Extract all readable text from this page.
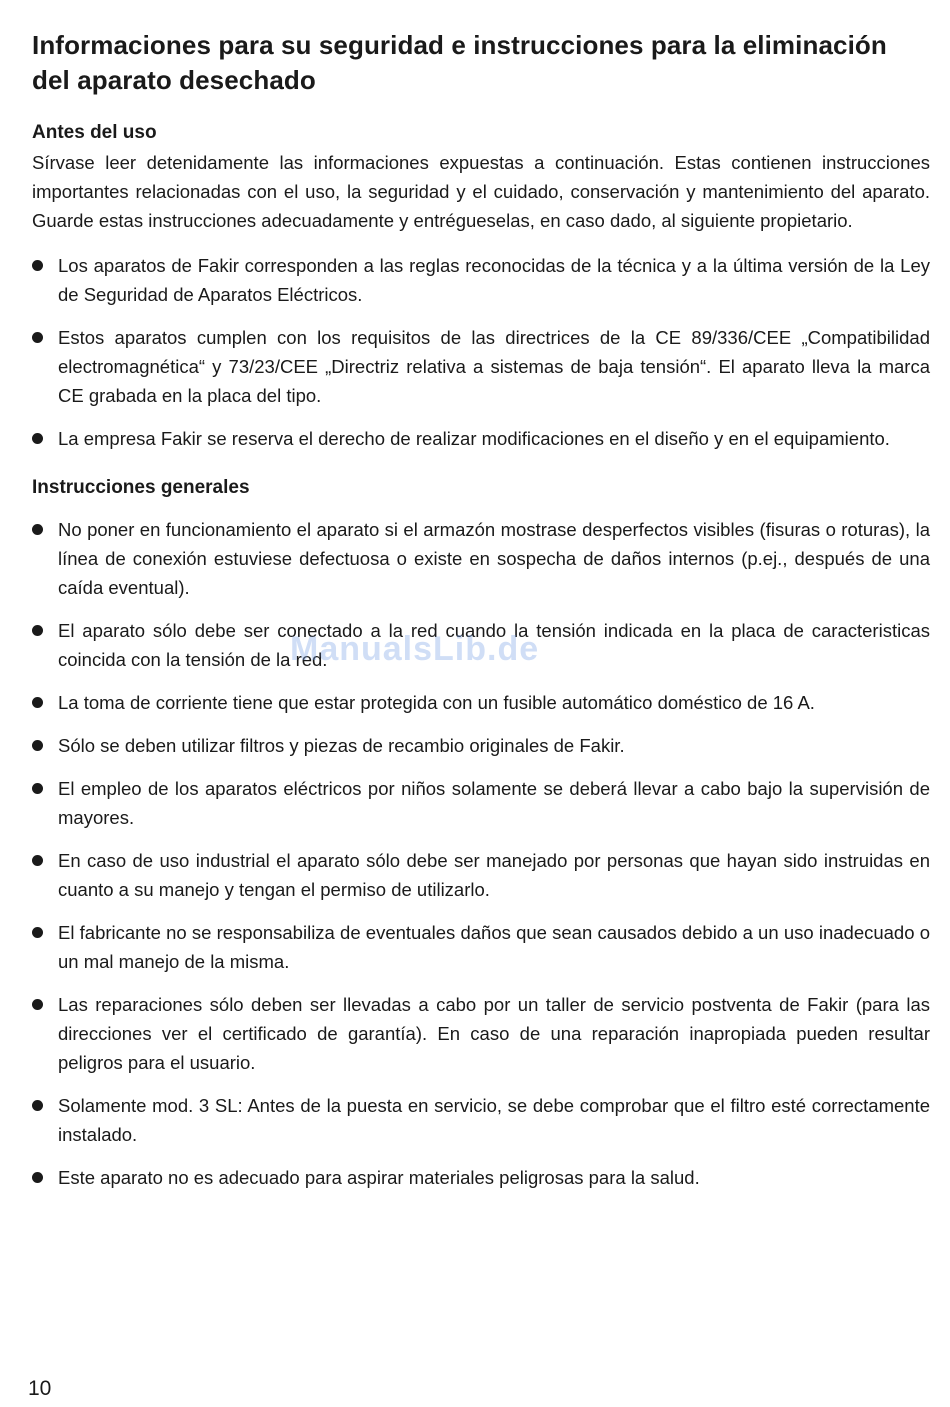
Informaciones para su seguridad e instrucciones para la eliminación del aparato desechado
Antes del uso

Sírvase leer detenidamente las informaciones expuestas a continuación. Estas contienen instrucciones importantes relacionadas con el uso, la seguridad y el cuidado, conservación y mantenimiento del aparato. Guarde estas instrucciones adecuadamente y entrégueselas, en caso dado, al siguiente propietario.

Los aparatos de Fakir corresponden a las reglas reconocidas de la técnica y a la última versión de la Ley de Seguridad de Aparatos Eléctricos.
Estos aparatos cumplen con los requisitos de las directrices de la CE 89/336/CEE „Compatibilidad electromagnética“ y 73/23/CEE „Directriz relativa a sistemas de baja tensión“. El aparato lleva la marca CE grabada en la placa del tipo.
La empresa Fakir se reserva el derecho de realizar modificaciones en el diseño y en el equipamiento.
Instrucciones generales
No poner en funcionamiento el aparato si el armazón mostrase desperfectos visibles (fisuras o roturas), la línea de conexión estuviese defectuosa o existe en sospecha de daños internos (p.ej., después de una caída eventual).
El aparato sólo debe ser conectado a la red cuando la tensión indicada en la placa de caracteristicas coincida con la tensión de la red.
La toma de corriente tiene que estar protegida con un fusible automático doméstico de 16 A.
Sólo se deben utilizar filtros y piezas de recambio originales de Fakir.
El empleo de los aparatos eléctricos por niños solamente se deberá llevar a cabo bajo la supervisión de mayores.
En caso de uso industrial el aparato sólo debe ser manejado por personas que hayan sido instruidas en cuanto a su manejo y tengan el permiso de utilizarlo.
El fabricante no se responsabiliza de eventuales daños que sean causados debido a un uso inadecuado o un mal manejo de la misma.
Las reparaciones sólo deben ser llevadas a cabo por un taller de servicio postventa de Fakir (para las direcciones ver el certificado de garantía). En caso de una reparación inapropiada pueden resultar peligros para el usuario.
Solamente mod. 3 SL: Antes de la puesta en servicio, se debe comprobar que el filtro esté correctamente instalado.
Este aparato no es adecuado para aspirar materiales peligrosas para la salud.
ManualsLib.de
10
